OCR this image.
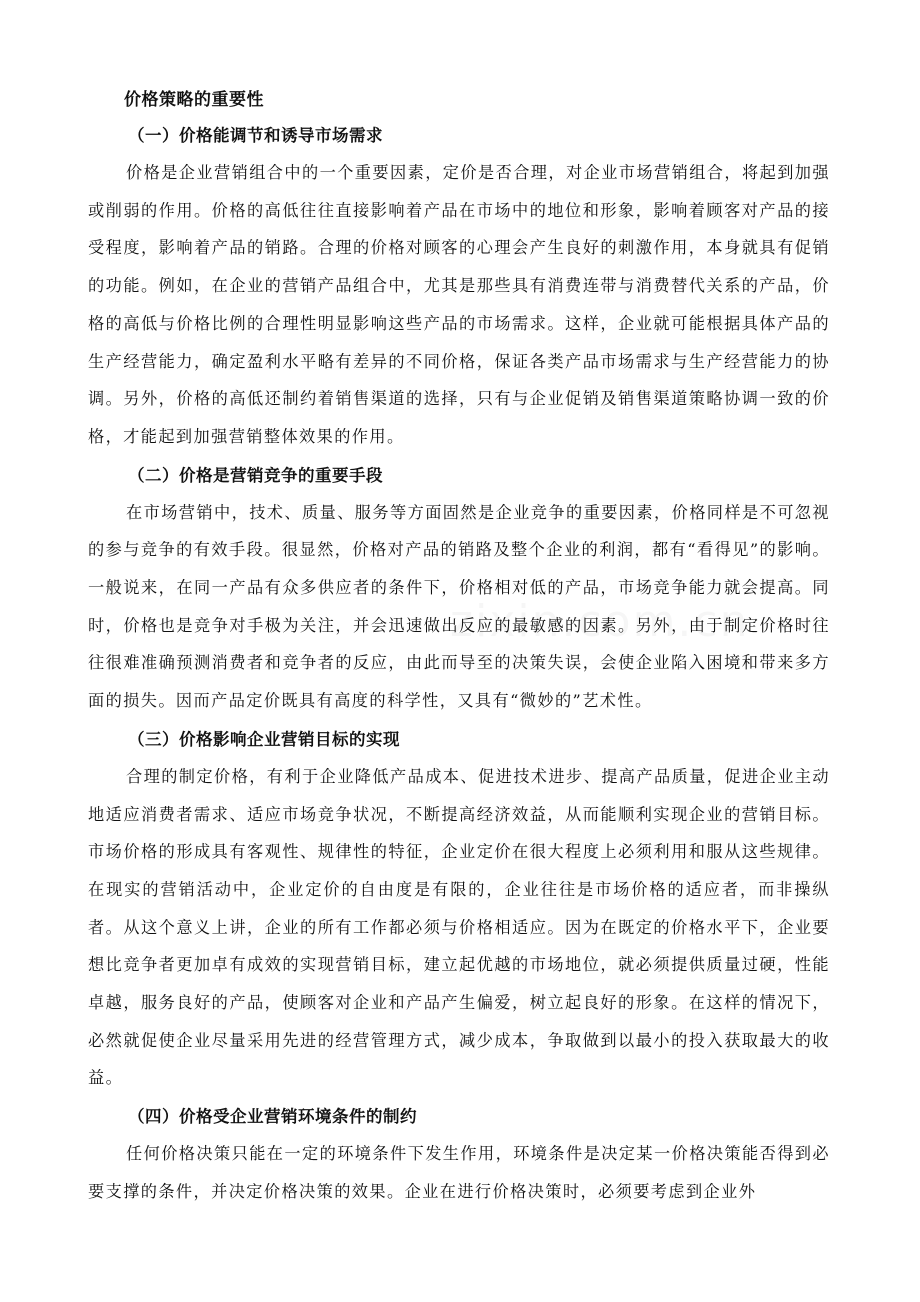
价格策略的重要性
（一）价格能调节和诱导市场需求

价格是企业营销组合中的一个重要因素，定价是否合理，对企业市场营销组合，将起到加强或削弱的作用。价格的高低往往直接影响着产品在市场中的地位和形象，影响着顾客对产品的接受程度，影响着产品的销路。合理的价格对顾客的心理会产生良好的刺激作用，本身就具有促销的功能。例如，在企业的营销产品组合中，尤其是那些具有消费连带与消费替代关系的产品，价格的高低与价格比例的合理性明显影响这些产品的市场需求。这样，企业就可能根据具体产品的生产经营能力，确定盈利水平略有差异的不同价格，保证各类产品市场需求与生产经营能力的协调。另外，价格的高低还制约着销售渠道的选择，只有与企业促销及销售渠道策略协调一致的价格，才能起到加强营销整体效果的作用。

（二）价格是营销竞争的重要手段

在市场营销中，技术、质量、服务等方面固然是企业竞争的重要因素，价格同样是不可忽视的参与竞争的有效手段。很显然，价格对产品的销路及整个企业的利润，都有“看得见”的影响。一般说来，在同一产品有众多供应者的条件下，价格相对低的产品，市场竞争能力就会提高。同时，价格也是竞争对手极为关注，并会迅速做出反应的最敏感的因素。另外，由于制定价格时往往很难准确预测消费者和竞争者的反应，由此而导至的决策失误，会使企业陷入困境和带来多方面的损失。因而产品定价既具有高度的科学性，又具有“微妙的”艺术性。

（三）价格影响企业营销目标的实现

合理的制定价格，有利于企业降低产品成本、促进技术进步、提高产品质量，促进企业主动地适应消费者需求、适应市场竞争状况，不断提高经济效益，从而能顺利实现企业的营销目标。市场价格的形成具有客观性、规律性的特征，企业定价在很大程度上必须利用和服从这些规律。在现实的营销活动中，企业定价的自由度是有限的，企业往往是市场价格的适应者，而非操纵者。从这个意义上讲，企业的所有工作都必须与价格相适应。因为在既定的价格水平下，企业要想比竞争者更加卓有成效的实现营销目标，建立起优越的市场地位，就必须提供质量过硬，性能卓越，服务良好的产品，使顾客对企业和产品产生偏爱，树立起良好的形象。在这样的情况下，必然就促使企业尽量采用先进的经营管理方式，减少成本，争取做到以最小的投入获取最大的收益。

（四）价格受企业营销环境条件的制约

任何价格决策只能在一定的环境条件下发生作用，环境条件是决定某一价格决策能否得到必要支撑的条件，并决定价格决策的效果。企业在进行价格决策时，必须要考虑到企业外
